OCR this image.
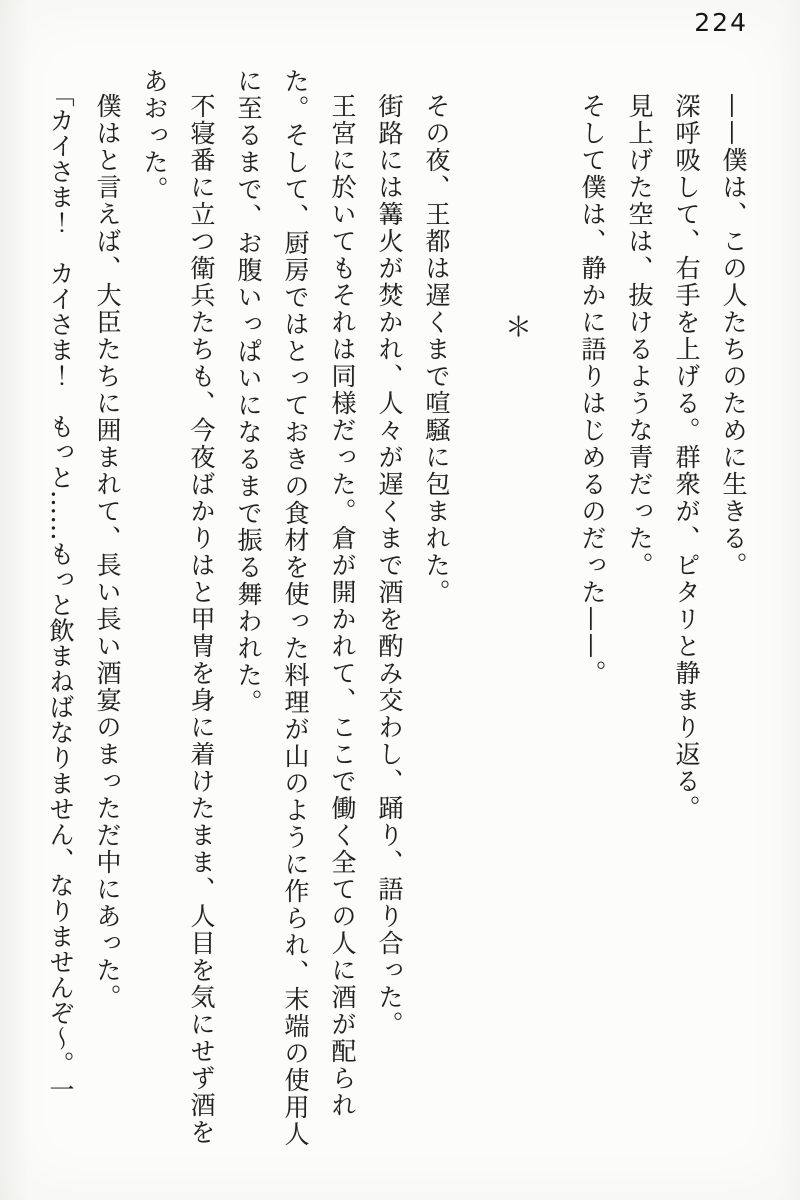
224

——僕は、この人たちのために生きる。

深呼吸して、右手を上げる。群衆が、ピタリと静まり返る。

見上げた空は、抜けるような青だった。

そして僕は、静かに語りはじめるのだった——。

＊

その夜、王都は遅くまで喧騒に包まれた。

街路には篝火が焚かれ、人々が遅くまで酒を酌み交わし、踊り、語り合った。

王宮に於いてもそれは同様だった。倉が開かれて、ここで働く全ての人に酒が配られた。そして、厨房ではとっておきの食材を使った料理が山のように作られ、末端の使用人に至るまで、お腹いっぱいになるまで振る舞われた。

不寝番に立つ衛兵たちも、今夜ばかりはと甲冑を身に着けたまま、人目を気にせず酒をあおった。

僕はと言えば、大臣たちに囲まれて、長い長い酒宴のまっただ中にあった。

「カイさま！　カイさま！　もっと……もっと飲まねばなりません、なりませんぞ～。一
